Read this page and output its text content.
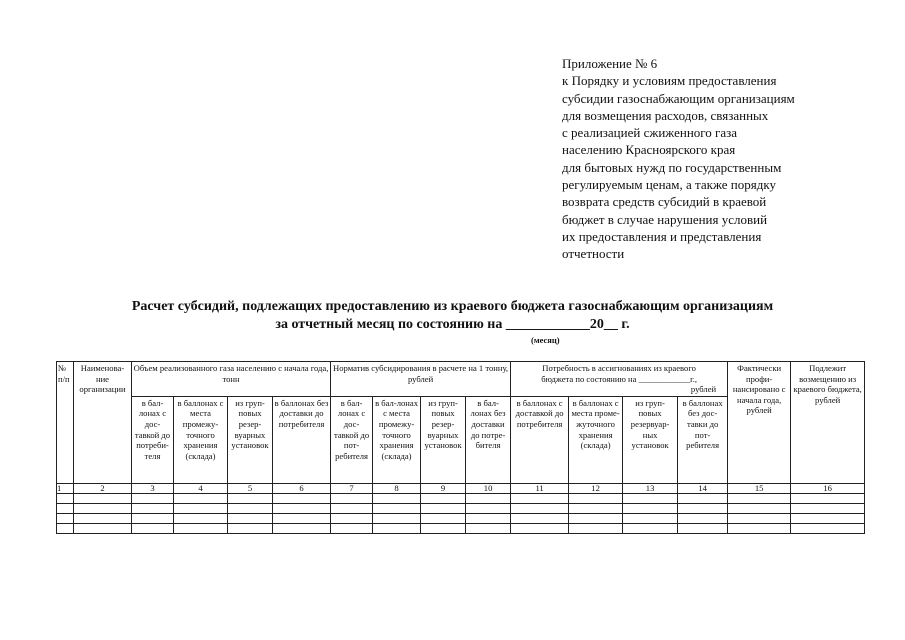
Приложение № 6
к Порядку и условиям предоставления
субсидии газоснабжающим организациям
для возмещения расходов, связанных
с реализацией сжиженного газа
населению Красноярского края
для бытовых нужд по государственным
регулируемым ценам, а также порядку
возврата средств субсидий в краевой
бюджет в случае нарушения условий
их предоставления и представления
отчетности
Расчет субсидий, подлежащих предоставлению из краевого бюджета газоснабжающим организациям
за отчетный месяц по состоянию на ____________20__ г.
(месяц)
№ п/п	Наименова-ние организации	Объем реализованного газа населению с начала года, тонн				Норматив субсидирования в расчете на 1 тонну, рублей				Потребность в ассигнованиях из краевого
бюджета по состоянию на ____________г.,
рублей				Фактически профи-нансировано с начала года, рублей	Подлежит возмещению из краевого бюджета, рублей
		в бал-лонах с дос-тавкой до потреби-теля	в баллонах с места промежу-точного хранения (склада)	из груп-повых резер-вуарных установок	в баллонах без доставки до потребителя	в бал-лонах с дос-тавкой до пот-ребителя	в бал-лонах с места промежу-точного хранения (склада)	из груп-повых резер-вуарных установок	в бал-лонах без доставки до потре-бителя	в баллонах с доставкой до потребителя	в баллонах с места проме-жуточного хранения (склада)	из груп-повых резервуар-ных установок	в баллонах без дос-тавки до пот-ребителя		
1	2	3	4	5	6	7	8	9	10	11	12	13	14	15	16
